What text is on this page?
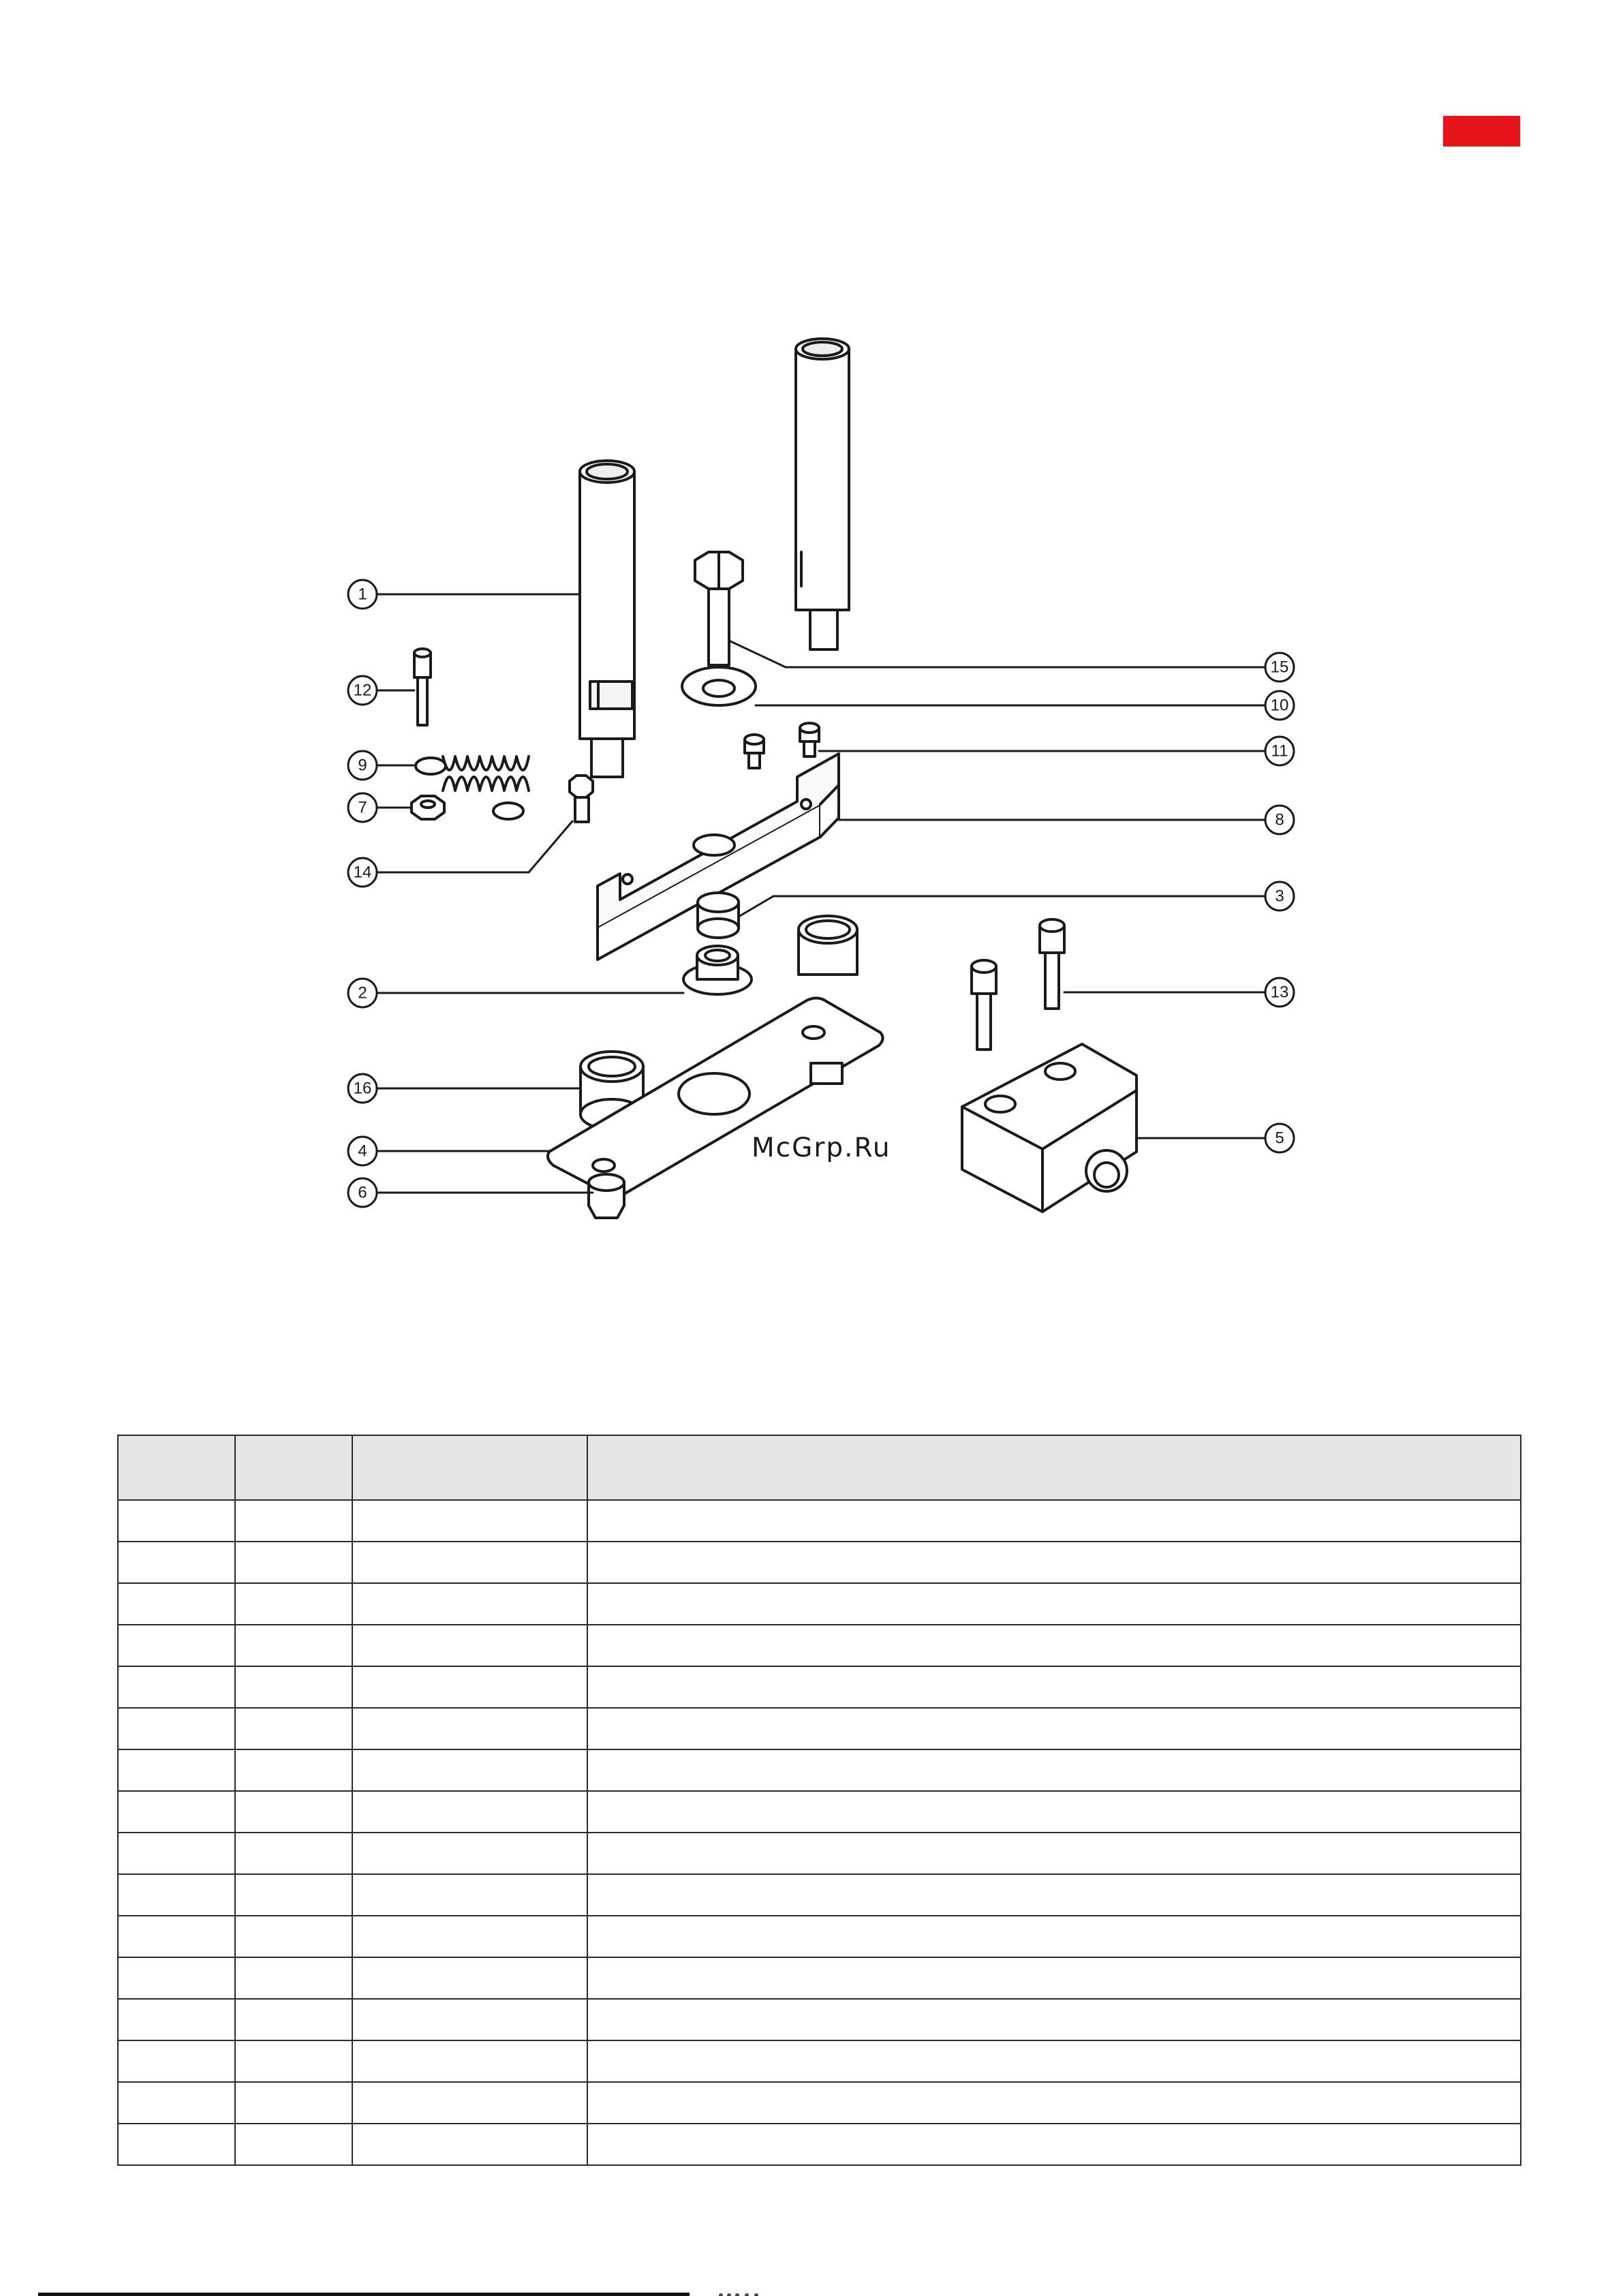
1
12
9
7
14
2
16
4
6
15
10
11
8
3
13
5
McGrp.Ru
